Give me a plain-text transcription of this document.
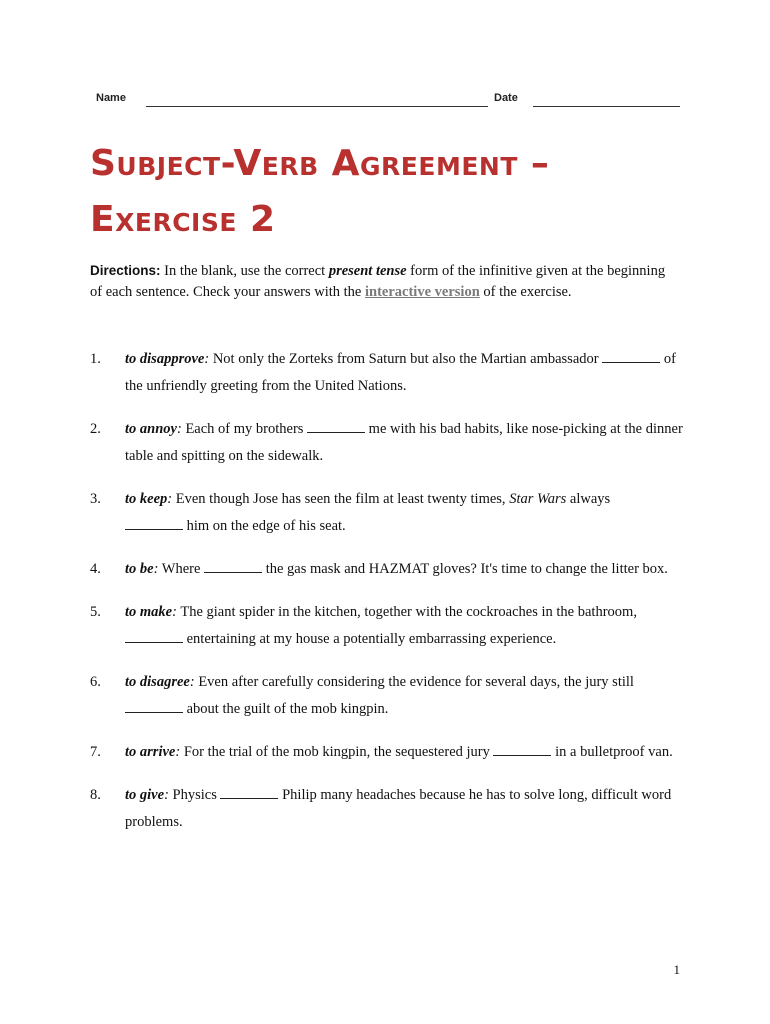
Name	Date
Subject-Verb Agreement –
Exercise 2
Directions: In the blank, use the correct present tense form of the infinitive given at the beginning of each sentence. Check your answers with the interactive version of the exercise.
1. to disapprove: Not only the Zorteks from Saturn but also the Martian ambassador	of the unfriendly greeting from the United Nations.
2. to annoy: Each of my brothers	me with his bad habits, like nose-picking at the dinner table and spitting on the sidewalk.
3. to keep: Even though Jose has seen the film at least twenty times, Star Wars always
him on the edge of his seat.
4. to be: Where	the gas mask and HAZMAT gloves? It's time to change the litter box.
5. to make: The giant spider in the kitchen, together with the cockroaches in the bathroom,  entertaining at my house a potentially embarrassing experience.
6. to disagree: Even after carefully considering the evidence for several days, the jury still  about the guilt of the mob kingpin.
7. to arrive: For the trial of the mob kingpin, the sequestered jury	in a bulletproof van.
8. to give: Physics	Philip many headaches because he has to solve long, difficult word problems.
1
